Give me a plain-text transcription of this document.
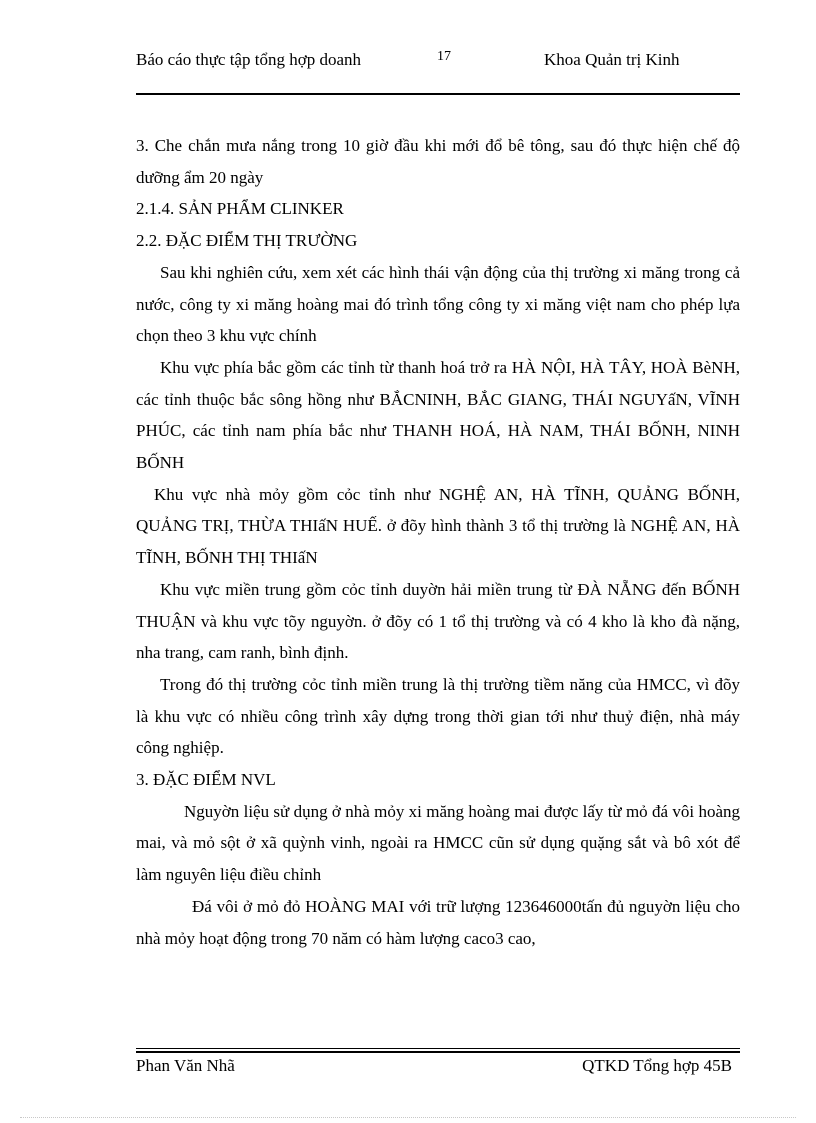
Báo cáo thực tập tổng hợp doanh	17	Khoa Quản trị Kinh

3. Che chắn mưa nắng trong 10 giờ đầu khi mới đổ bê tông, sau đó thực hiện chế độ dưỡng ẩm 20 ngày

2.1.4. SẢN PHẨM CLINKER

2.2. ĐẶC ĐIỂM THỊ TRƯỜNG

Sau khi nghiên cứu, xem xét các hình thái vận động của thị trường xi măng trong cả nước, công ty xi măng hoàng mai đó trình tổng công ty xi măng việt nam cho phép lựa chọn theo 3 khu vực chính

Khu vực phía bắc gồm các tỉnh từ thanh hoá trở ra HÀ NỘI, HÀ TÂY, HOÀ BèNH, các tỉnh thuộc bắc sông hồng như BẮCNINH, BẮC GIANG, THÁI NGUYấN, VĨNH PHÚC, các tỉnh nam phía bắc như THANH HOÁ, HÀ NAM, THÁI BỐNH, NINH BỐNH

Khu vực nhà mỏy gồm cỏc tỉnh như NGHỆ AN, HÀ TĨNH, QUẢNG BỐNH, QUẢNG TRỊ, THỪA THIấN HUẾ. ở đõy hình thành 3 tổ thị trường là NGHỆ AN, HÀ TĨNH, BỐNH THỊ THIấN

Khu vực miền trung gồm cỏc tỉnh duyờn hải miền trung từ ĐÀ NẴNG đến BỐNH THUẬN và khu vực tõy nguyờn. ở đõy có 1 tổ thị trường và có 4 kho là kho đà nặng, nha trang, cam ranh, bình định.

Trong đó thị trường cỏc tỉnh miền trung là thị trường tiềm năng của HMCC, vì đõy là khu vực có nhiều công trình xây dựng trong thời gian tới như thuỷ điện, nhà máy công nghiệp.

3. ĐẶC ĐIỂM NVL

Nguyờn liệu sử dụng ở nhà mỏy xi măng hoàng mai được lấy từ mỏ đá vôi hoàng mai, và mỏ sột ở xã quỳnh vinh, ngoài ra HMCC cũn sử dụng quặng sắt và bô xót để làm nguyên liệu điều chỉnh

Đá vôi ở mỏ đỏ HOÀNG MAI với trữ lượng 123646000tấn đủ nguyờn liệu cho nhà mỏy hoạt động trong 70 năm có hàm lượng caco3 cao,

Phan Văn Nhã	QTKD Tổng hợp 45B
